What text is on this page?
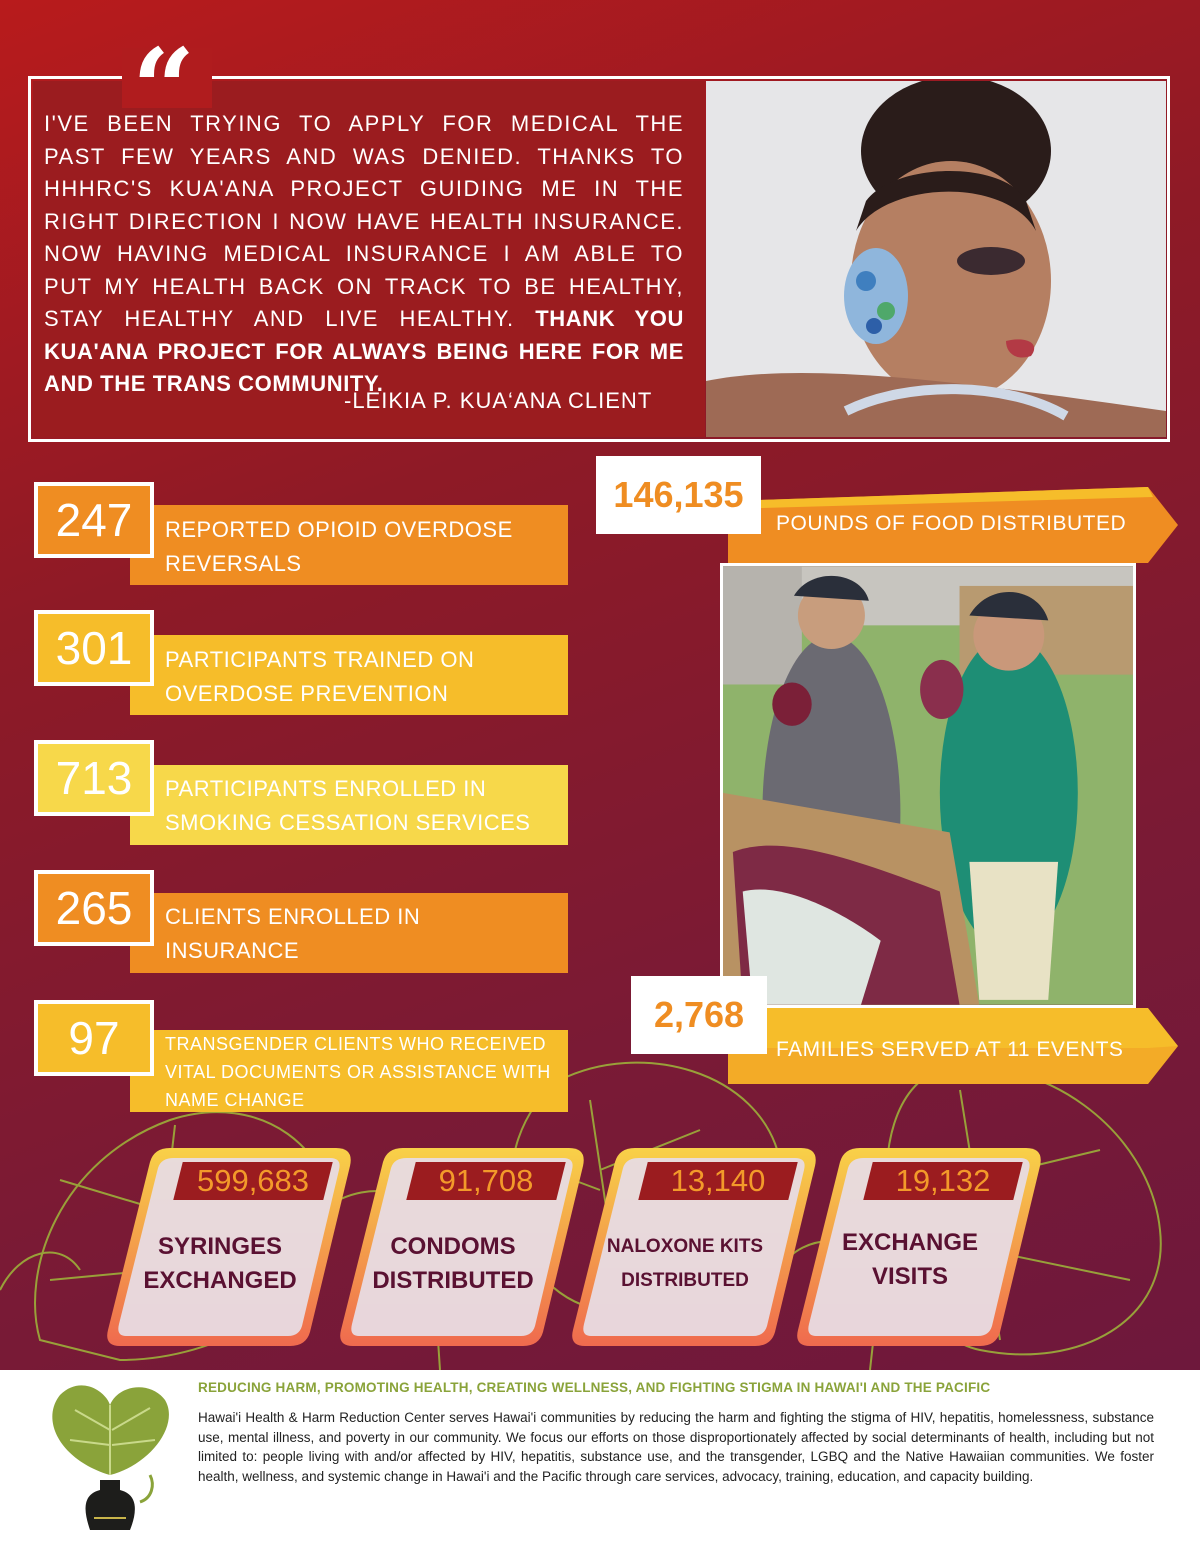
“
I'VE BEEN TRYING TO APPLY FOR MEDICAL THE PAST FEW YEARS AND WAS DENIED. THANKS TO HHHRC'S KUA'ANA PROJECT GUIDING ME IN THE RIGHT DIRECTION I NOW HAVE HEALTH INSURANCE. NOW HAVING MEDICAL INSURANCE I AM ABLE TO PUT MY HEALTH BACK ON TRACK TO BE HEALTHY, STAY HEALTHY AND LIVE HEALTHY. THANK YOU KUA'ANA PROJECT FOR ALWAYS BEING HERE FOR ME AND THE TRANS COMMUNITY.
-LEIKIA P. KUA‘ANA CLIENT
247	REPORTED OPIOID OVERDOSE REVERSALS
301	PARTICIPANTS TRAINED ON OVERDOSE PREVENTION
713	PARTICIPANTS ENROLLED IN SMOKING CESSATION SERVICES
265	CLIENTS ENROLLED IN INSURANCE
97	TRANSGENDER CLIENTS WHO RECEIVED VITAL DOCUMENTS OR ASSISTANCE WITH NAME CHANGE
146,135
POUNDS OF FOOD DISTRIBUTED
2,768
FAMILIES SERVED AT 11 EVENTS
599,683
SYRINGES
EXCHANGED
91,708
CONDOMS
DISTRIBUTED
13,140
NALOXONE KITS
DISTRIBUTED
19,132
EXCHANGE
VISITS
REDUCING HARM, PROMOTING HEALTH, CREATING WELLNESS, AND FIGHTING STIGMA IN HAWAI'I AND THE PACIFIC
Hawai'i Health & Harm Reduction Center serves Hawai'i communities by reducing the harm and fighting the stigma of HIV, hepatitis, homelessness, substance use, mental illness, and poverty in our community. We focus our efforts on those disproportionately affected by social determinants of health, including but not limited to: people living with and/or affected by HIV, hepatitis, substance use, and the transgender, LGBQ and the Native Hawaiian communities. We foster health, wellness, and systemic change in Hawai'i and the Pacific through care services, advocacy, training, education, and capacity building.
